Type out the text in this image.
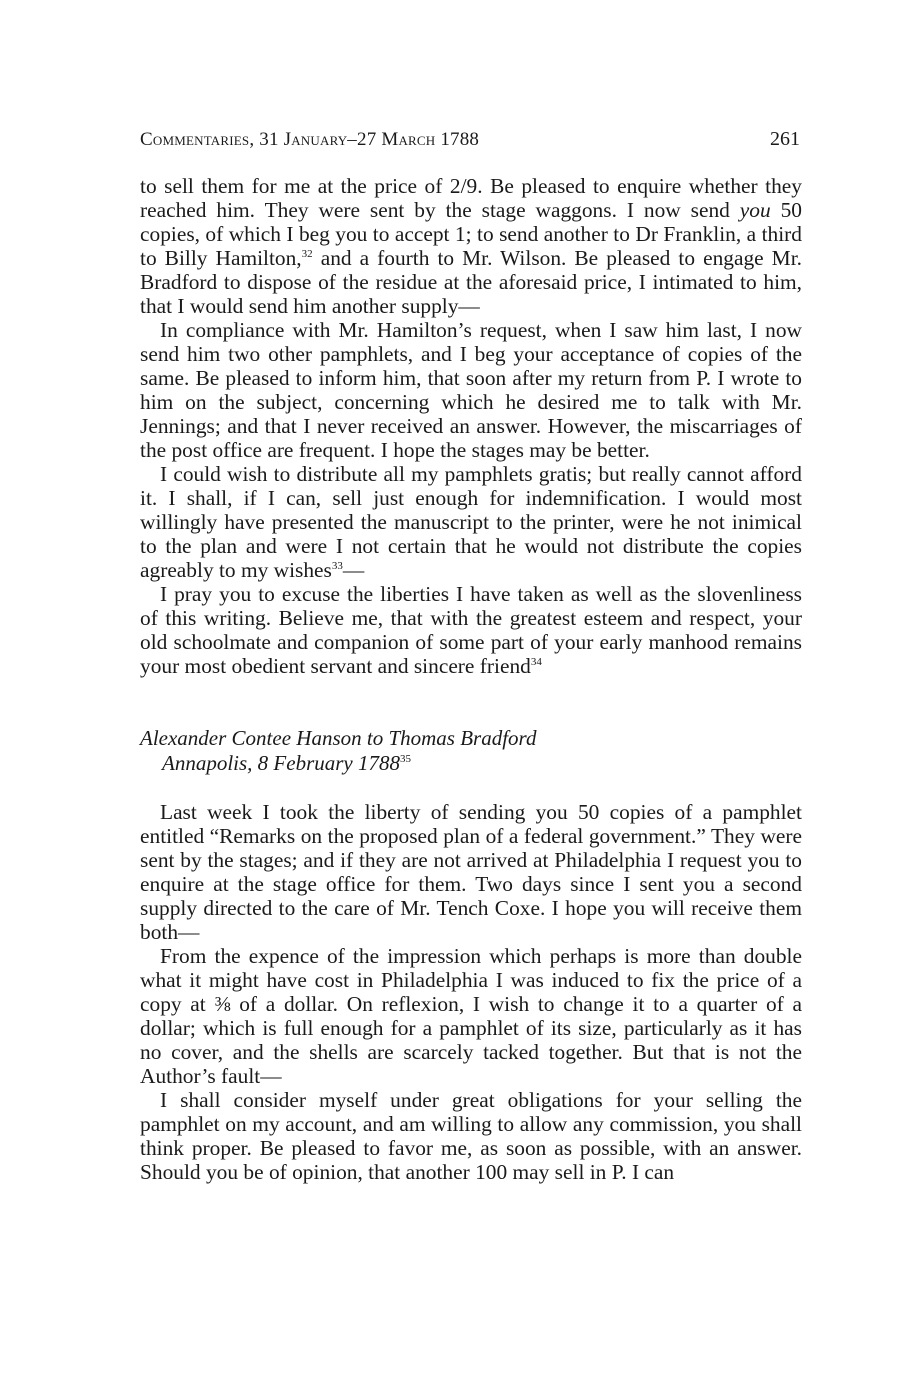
Commentaries, 31 January–27 March 1788	261

to sell them for me at the price of 2/9. Be pleased to enquire whether they reached him. They were sent by the stage waggons. I now send you 50 copies, of which I beg you to accept 1; to send another to Dr Franklin, a third to Billy Hamilton,$^{32}$ and a fourth to Mr. Wilson. Be pleased to engage Mr. Bradford to dispose of the residue at the aforesaid price, I intimated to him, that I would send him another supply—

In compliance with Mr. Hamilton’s request, when I saw him last, I now send him two other pamphlets, and I beg your acceptance of copies of the same. Be pleased to inform him, that soon after my return from P. I wrote to him on the subject, concerning which he desired me to talk with Mr. Jennings; and that I never received an answer. However, the miscarriages of the post office are frequent. I hope the stages may be better.

I could wish to distribute all my pamphlets gratis; but really cannot afford it. I shall, if I can, sell just enough for indemnification. I would most willingly have presented the manuscript to the printer, were he not inimical to the plan and were I not certain that he would not distribute the copies agreably to my wishes$^{33}$—

I pray you to excuse the liberties I have taken as well as the slovenliness of this writing. Believe me, that with the greatest esteem and respect, your old schoolmate and companion of some part of your early manhood remains your most obedient servant and sincere friend$^{34}$

Alexander Contee Hanson to Thomas Bradford
Annapolis, 8 February 1788$^{35}$

Last week I took the liberty of sending you 50 copies of a pamphlet entitled “Remarks on the proposed plan of a federal government.” They were sent by the stages; and if they are not arrived at Philadelphia I request you to enquire at the stage office for them. Two days since I sent you a second supply directed to the care of Mr. Tench Coxe. I hope you will receive them both—

From the expence of the impression which perhaps is more than double what it might have cost in Philadelphia I was induced to fix the price of a copy at ⅜ of a dollar. On reflexion, I wish to change it to a quarter of a dollar; which is full enough for a pamphlet of its size, particularly as it has no cover, and the shells are scarcely tacked together. But that is not the Author’s fault—

I shall consider myself under great obligations for your selling the pamphlet on my account, and am willing to allow any commission, you shall think proper. Be pleased to favor me, as soon as possible, with an answer. Should you be of opinion, that another 100 may sell in P. I can
